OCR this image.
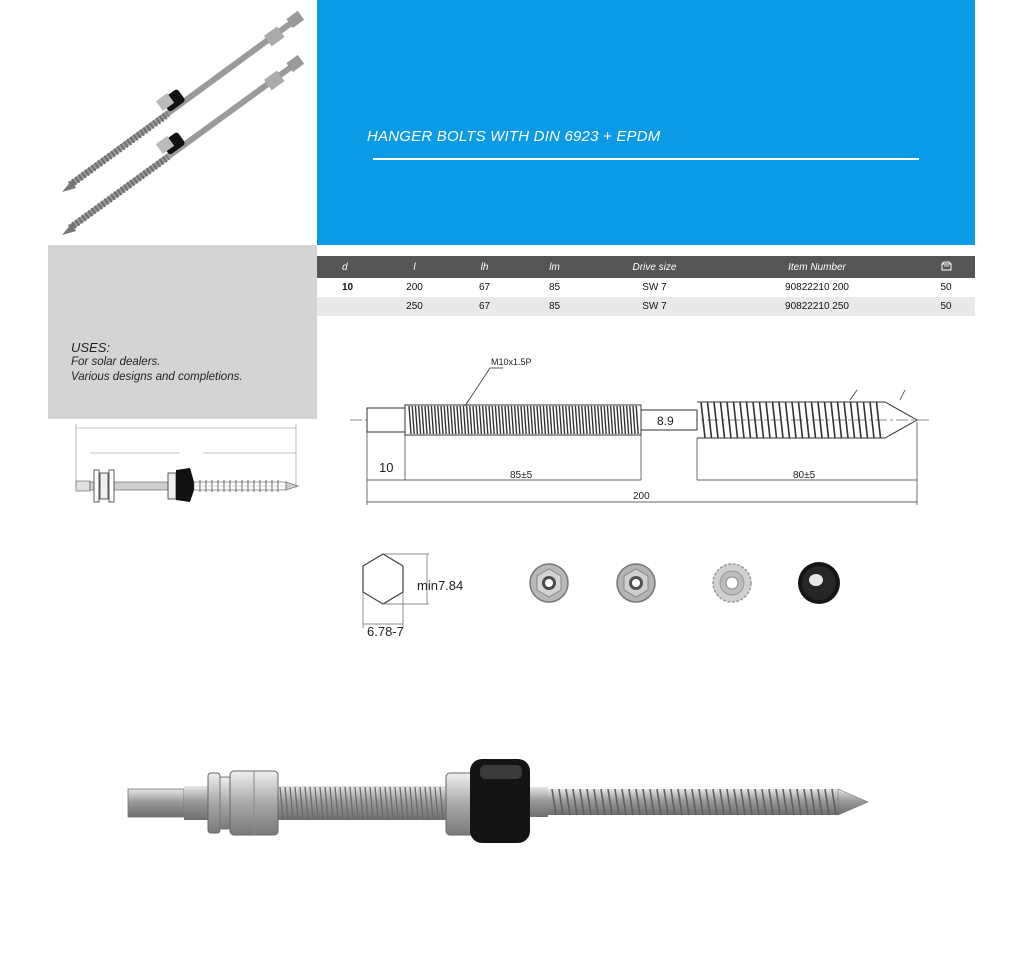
HANGER BOLTS WITH DIN 6923 + EPDM
USES:
For solar dealers.
Various designs and completions.
d	l	lh	lm	Drive size	Item Number	
10	200	67	85	SW 7	90822210 200	50
	250	67	85	SW 7	90822210 250	50
8.9
M10x1.5P
10
85±5	80±5
200
min7.84
6.78-7
